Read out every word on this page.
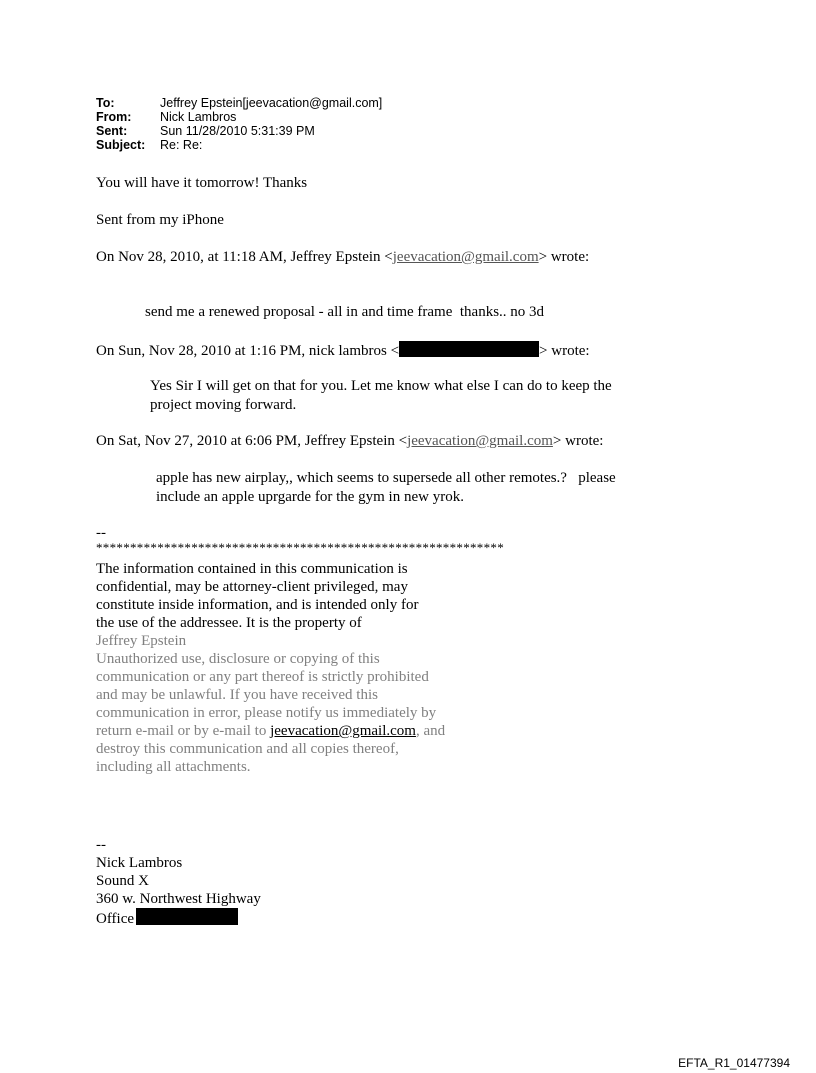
To:	Jeffrey Epstein[jeevacation@gmail.com]
From:	Nick Lambros
Sent:	Sun 11/28/2010 5:31:39 PM
Subject:	Re: Re:
You will have it tomorrow! Thanks
Sent from my iPhone
On Nov 28, 2010, at 11:18 AM, Jeffrey Epstein <jeevacation@gmail.com> wrote:
send me a renewed proposal - all in and time frame  thanks.. no 3d
On Sun, Nov 28, 2010 at 1:16 PM, nick lambros <	> wrote:
Yes Sir I will get on that for you. Let me know what else I can do to keep the
project moving forward.
On Sat, Nov 27, 2010 at 6:06 PM, Jeffrey Epstein <jeevacation@gmail.com> wrote:
apple has new airplay,, which seems to supersede all other remotes.?   please
include an apple uprgarde for the gym in new yrok.
--
************************************************************
The information contained in this communication is
confidential, may be attorney-client privileged, may
constitute inside information, and is intended only for
the use of the addressee. It is the property of
Jeffrey Epstein
Unauthorized use, disclosure or copying of this
communication or any part thereof is strictly prohibited
and may be unlawful. If you have received this
communication in error, please notify us immediately by
return e-mail or by e-mail to jeevacation@gmail.com, and
destroy this communication and all copies thereof,
including all attachments.
--
Nick Lambros
Sound X
360 w. Northwest Highway
Office
EFTA_R1_01477394
